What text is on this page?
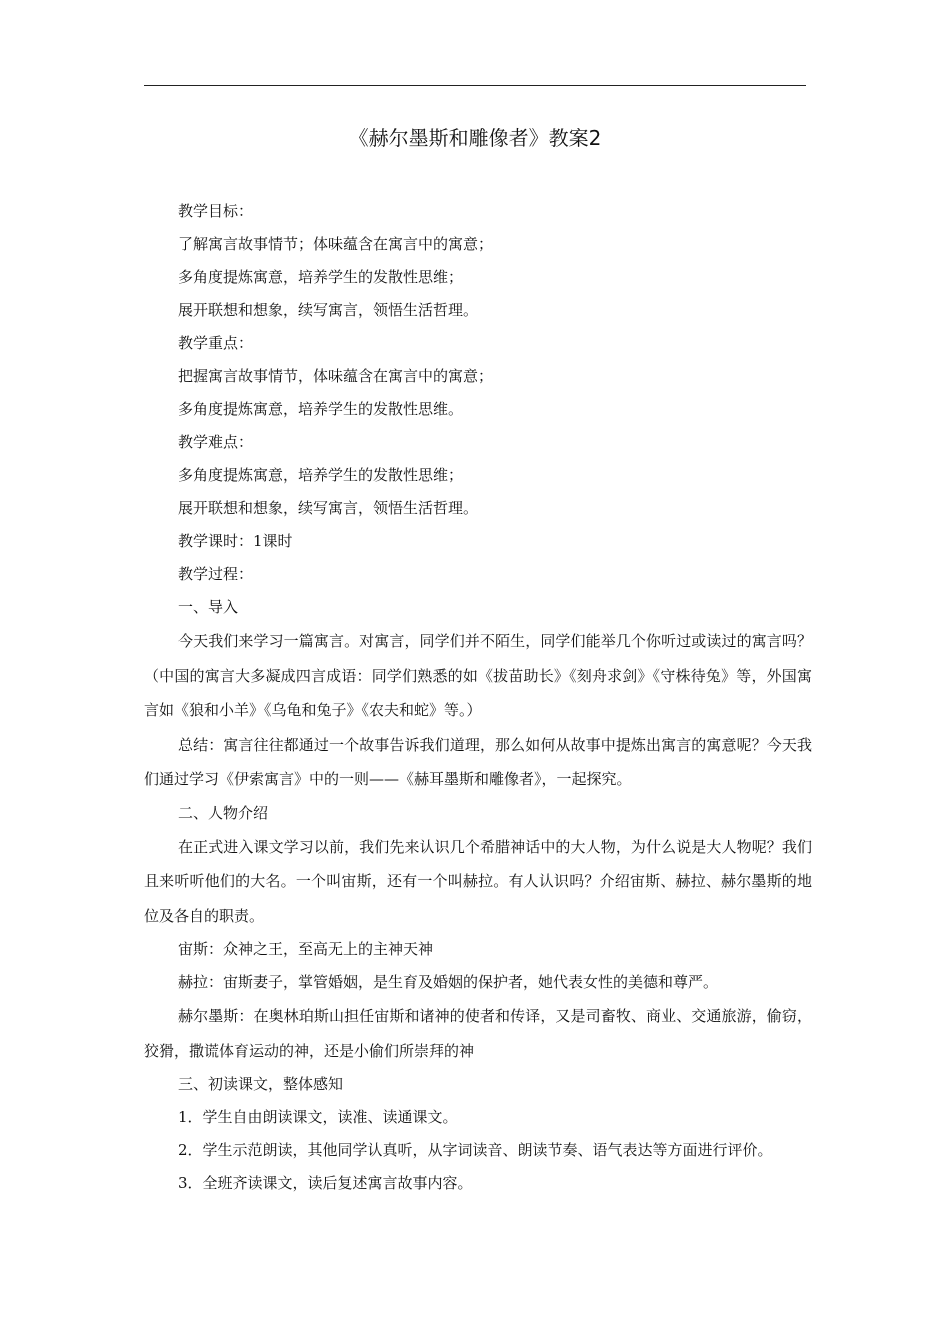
《赫尔墨斯和雕像者》教案2

教学目标：

了解寓言故事情节；体味蕴含在寓言中的寓意；

多角度提炼寓意，培养学生的发散性思维；

展开联想和想象，续写寓言，领悟生活哲理。

教学重点：

把握寓言故事情节，体味蕴含在寓言中的寓意；

多角度提炼寓意，培养学生的发散性思维。

教学难点：

多角度提炼寓意，培养学生的发散性思维；

展开联想和想象，续写寓言，领悟生活哲理。

教学课时：1课时

教学过程：

一、导入

今天我们来学习一篇寓言。对寓言，同学们并不陌生，同学们能举几个你听过或读过的寓言吗？（中国的寓言大多凝成四言成语：同学们熟悉的如《拔苗助长》《刻舟求剑》《守株待兔》等，外国寓言如《狼和小羊》《乌龟和兔子》《农夫和蛇》等。）

总结：寓言往往都通过一个故事告诉我们道理，那么如何从故事中提炼出寓言的寓意呢？今天我们通过学习《伊索寓言》中的一则——《赫耳墨斯和雕像者》，一起探究。

二、人物介绍

在正式进入课文学习以前，我们先来认识几个希腊神话中的大人物，为什么说是大人物呢？我们且来听听他们的大名。一个叫宙斯，还有一个叫赫拉。有人认识吗？介绍宙斯、赫拉、赫尔墨斯的地位及各自的职责。

宙斯：众神之王，至高无上的主神天神

赫拉：宙斯妻子，掌管婚姻，是生育及婚姻的保护者，她代表女性的美德和尊严。

赫尔墨斯：在奥林珀斯山担任宙斯和诸神的使者和传译，又是司畜牧、商业、交通旅游，偷窃，狡猾，撒谎体育运动的神，还是小偷们所崇拜的神

三、初读课文，整体感知

1．学生自由朗读课文，读准、读通课文。

2．学生示范朗读，其他同学认真听，从字词读音、朗读节奏、语气表达等方面进行评价。

3．全班齐读课文，读后复述寓言故事内容。
